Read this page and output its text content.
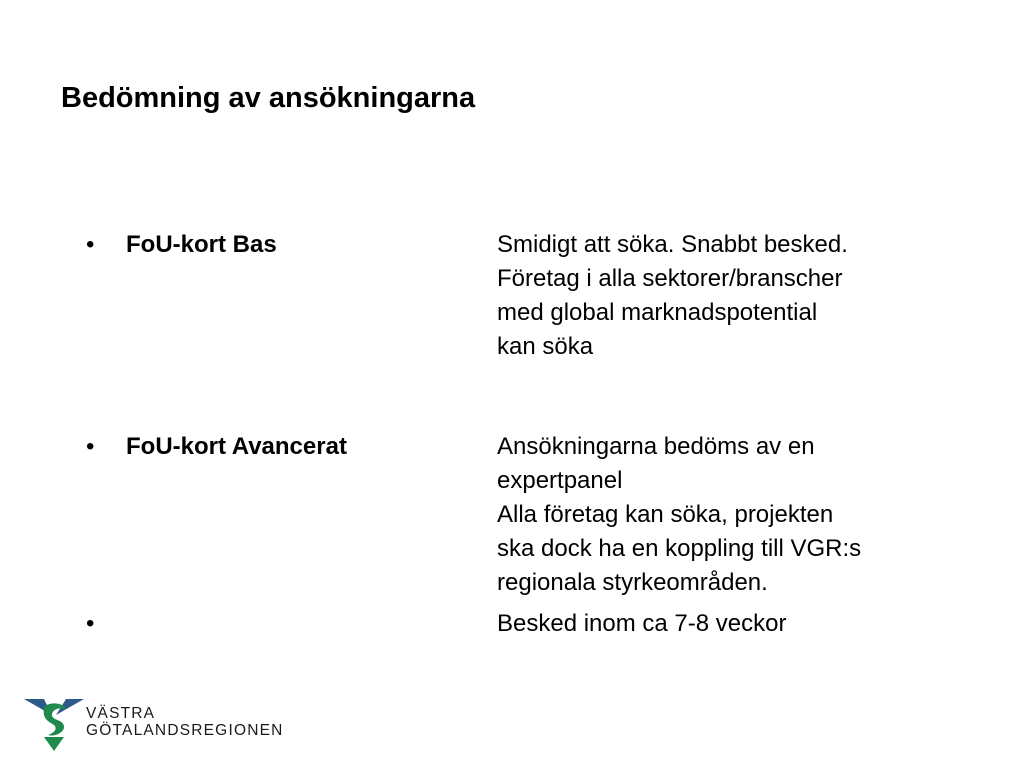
Bedömning av ansökningarna
• FoU-kort Bas	Smidigt att söka. Snabbt besked.
Företag i alla sektorer/branscher
med global marknadspotential
kan söka
• FoU-kort Avancerat	Ansökningarna bedöms av en
expertpanel
Alla företag kan söka, projekten
ska dock ha en koppling till VGR:s
regionala styrkeområden.
•	Besked inom ca 7-8 veckor
VÄSTRA
GÖTALANDSREGIONEN
